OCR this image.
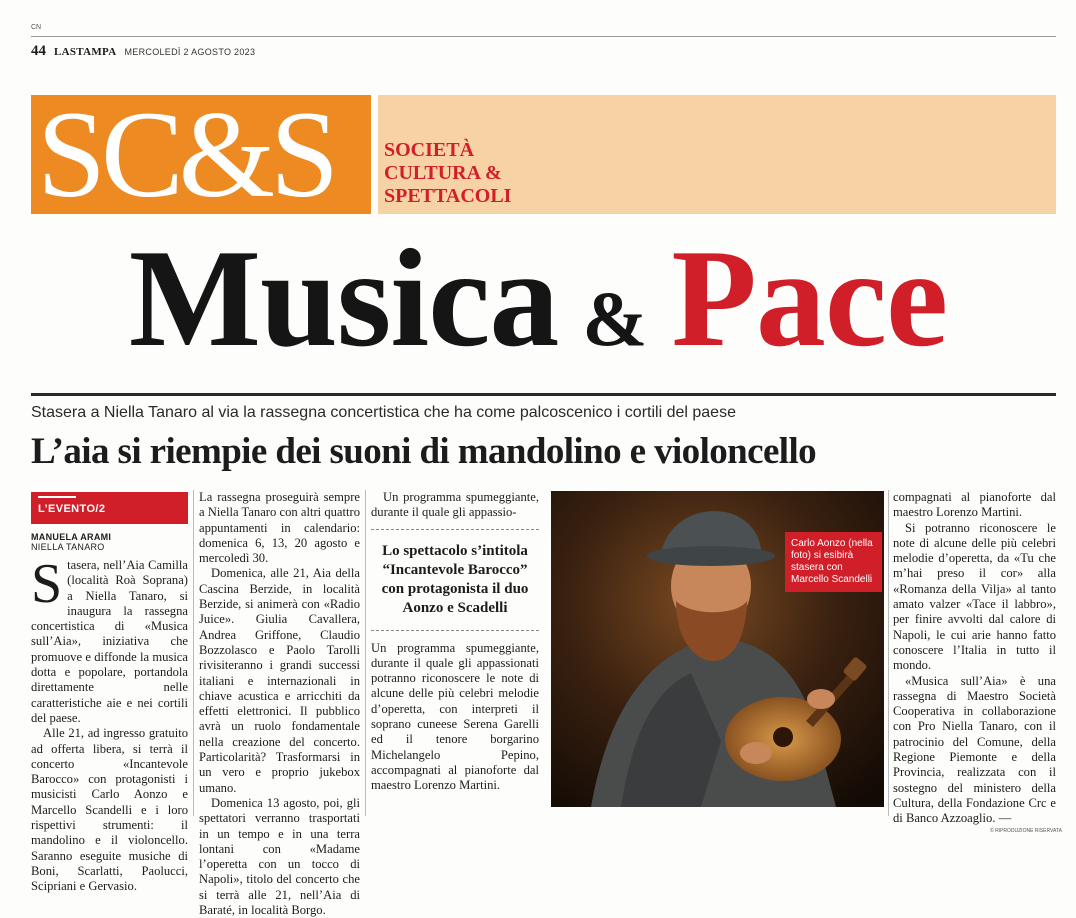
CN
44 LASTAMPA MERCOLEDÌ 2 AGOSTO 2023
SC&S SOCIETÀ
CULTURA &
SPETTACOLI
Musica & Pace
Stasera a Niella Tanaro al via la rassegna concertistica che ha come palcoscenico i cortili del paese
L’aia si riempie dei suoni di mandolino e violoncello
L’EVENTO/2
MANUELA ARAMI
NIELLA TANARO

Stasera, nell’Aia Camilla (località Roà Soprana) a Niella Tanaro, si inaugura la rassegna concertistica di «Musica sull’Aia», iniziativa che promuove e diffonde la musica dotta e popolare, portandola direttamente nelle caratteristiche aie e nei cortili del paese.

Alle 21, ad ingresso gratuito ad offerta libera, si terrà il concerto «Incantevole Barocco» con protagonisti i musicisti Carlo Aonzo e Marcello Scandelli e i loro rispettivi strumenti: il mandolino e il violoncello. Saranno eseguite musiche di Boni, Scarlatti, Paolucci, Scipriani e Gervasio.

La rassegna proseguirà sempre a Niella Tanaro con altri quattro appuntamenti in calendario: domenica 6, 13, 20 agosto e mercoledì 30.

Domenica, alle 21, Aia della Cascina Berzide, in località Berzide, si animerà con «Radio Juice». Giulia Cavallera, Andrea Griffone, Claudio Bozzolasco e Paolo Tarolli rivisiteranno i grandi successi italiani e internazionali in chiave acustica e arricchiti da effetti elettronici. Il pubblico avrà un ruolo fondamentale nella creazione del concerto. Particolarità? Trasformarsi in un vero e proprio jukebox umano.

Domenica 13 agosto, poi, gli spettatori verranno trasportati in un tempo e in una terra lontani con «Madame l’operetta con un tocco di Napoli», titolo del concerto che si terrà alle 21, nell’Aia di Baraté, in località Borgo.

Un programma spumeggiante, durante il quale gli appassio-

Lo spettacolo s’intitola “Incantevole Barocco” con protagonista il duo Aonzo e Scadelli

Un programma spumeggiante, durante il quale gli appassionati potranno riconoscere le note di alcune delle più celebri melodie d’operetta, con interpreti il soprano cuneese Serena Garelli ed il tenore borgarino Michelangelo Pepino, accompagnati al pianoforte dal maestro Lorenzo Martini.

Carlo Aonzo (nella foto) si esibirà stasera con Marcello Scandelli

compagnati al pianoforte dal maestro Lorenzo Martini.

Si potranno riconoscere le note di alcune delle più celebri melodie d’operetta, da «Tu che m’hai preso il cor» alla «Romanza della Vilja» al tanto amato valzer «Tace il labbro», per finire avvolti dal calore di Napoli, le cui arie hanno fatto conoscere l’Italia in tutto il mondo.

«Musica sull’Aia» è una rassegna di Maestro Società Cooperativa in collaborazione con Pro Niella Tanaro, con il patrocinio del Comune, della Regione Piemonte e della Provincia, realizzata con il sostegno del ministero della Cultura, della Fondazione Crc e di Banco Azzoaglio. —

© RIPRODUZIONE RISERVATA
